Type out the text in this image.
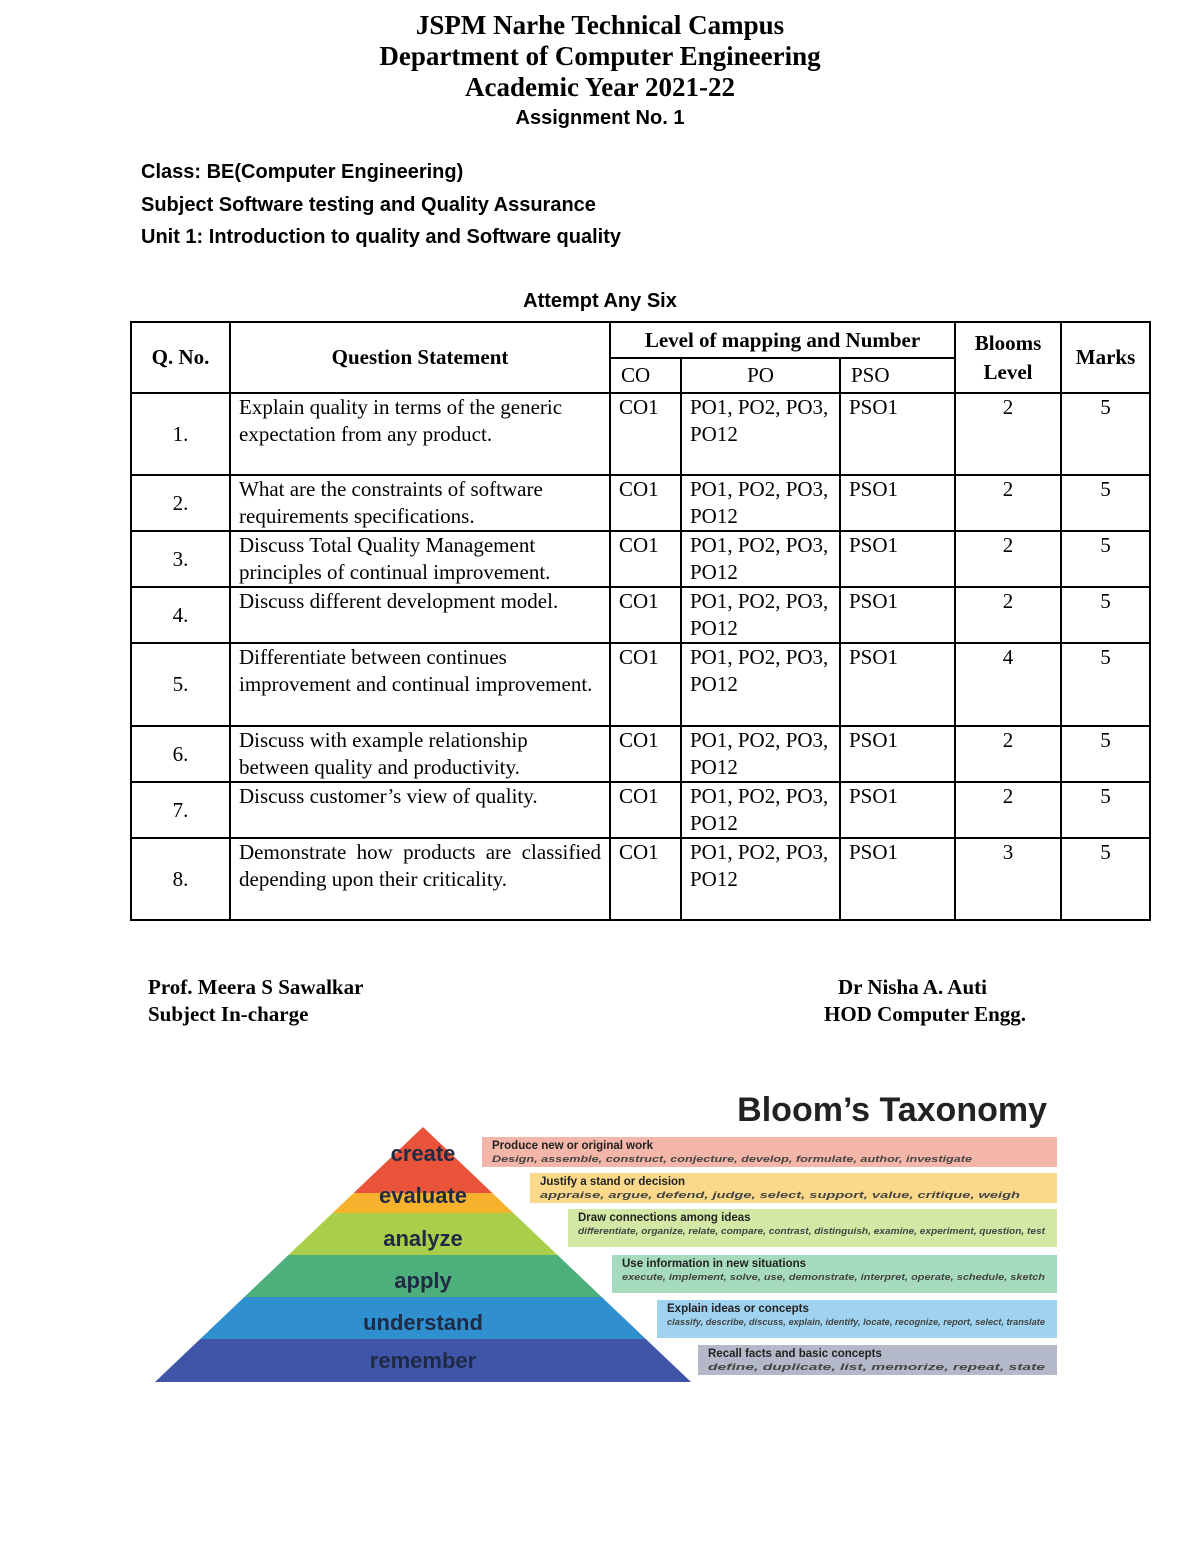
JSPM Narhe Technical Campus
Department of Computer Engineering
Academic Year 2021-22
Assignment No. 1
Class: BE(Computer Engineering)
Subject Software testing and Quality Assurance
Unit 1: Introduction to quality and Software quality
Attempt Any Six
Q. No.	Question Statement	Level of mapping and Number			Blooms Level	Marks
		CO	PO	PSO		
1.	Explain quality in terms of the generic expectation from any product.	CO1	PO1, PO2, PO3, PO12	PSO1	2	5
2.	What are the constraints of software requirements specifications.	CO1	PO1, PO2, PO3, PO12	PSO1	2	5
3.	Discuss Total Quality Management principles of continual improvement.	CO1	PO1, PO2, PO3, PO12	PSO1	2	5
4.	Discuss different development model.	CO1	PO1, PO2, PO3, PO12	PSO1	2	5
5.	Differentiate between continues improvement and continual improvement.	CO1	PO1, PO2, PO3, PO12	PSO1	4	5
6.	Discuss with example relationship between quality and productivity.	CO1	PO1, PO2, PO3, PO12	PSO1	2	5
7.	Discuss customer’s view of quality.	CO1	PO1, PO2, PO3, PO12	PSO1	2	5
8.	Demonstrate how products are classified depending upon their criticality.	CO1	PO1, PO2, PO3, PO12	PSO1	3	5
Prof. Meera S Sawalkar
Subject In-charge
Dr Nisha A. Auti
HOD Computer Engg.
Bloom’s Taxonomy
create
evaluate
analyze
apply
understand
remember
Produce new or original work
Design, assemble, construct, conjecture, develop, formulate, author, investigate
Justify a stand or decision
appraise, argue, defend, judge, select, support, value, critique, weigh
Draw connections among ideas
differentiate, organize, relate, compare, contrast, distinguish, examine, experiment, question, test
Use information in new situations
execute, implement, solve, use, demonstrate, interpret, operate, schedule, sketch
Explain ideas or concepts
classify, describe, discuss, explain, identify, locate, recognize, report, select, translate
Recall facts and basic concepts
define, duplicate, list, memorize, repeat, state
